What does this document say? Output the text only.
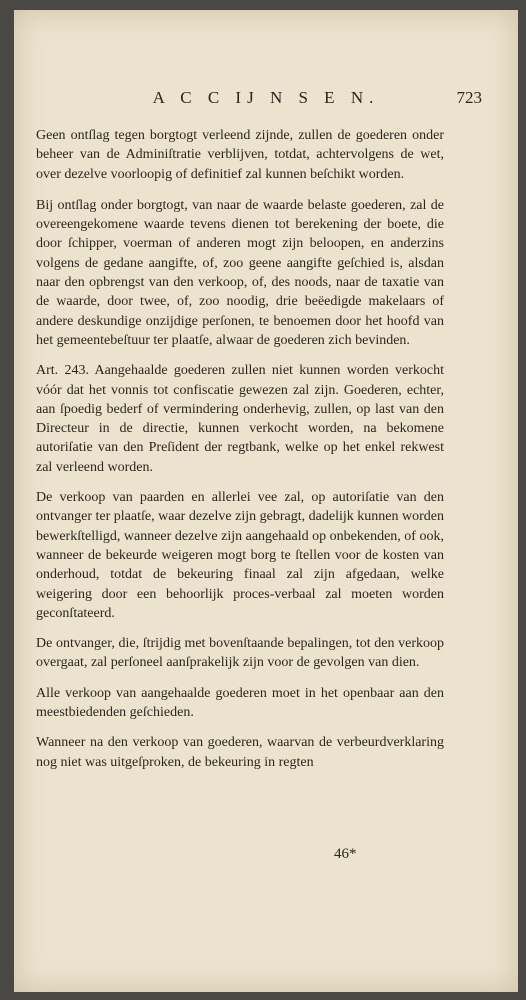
A C C IJ N S E N.	723

Geen ontſlag tegen borgtogt verleend zijnde, zullen de goederen onder beheer van de Adminiſtratie verblijven, totdat, achtervolgens de wet, over dezelve voorloopig of definitief zal kunnen beſchikt worden.

Bij ontſlag onder borgtogt, van naar de waarde belaste goederen, zal de overeengekomene waarde tevens dienen tot berekening der boete, die door ſchipper, voerman of anderen mogt zijn beloopen, en anderzins volgens de gedane aangifte, of, zoo geene aangifte geſchied is, alsdan naar den opbrengst van den verkoop, of, des noods, naar de taxatie van de waarde, door twee, of, zoo noodig, drie beëedigde makelaars of andere deskundige onzijdige perſonen, te benoemen door het hoofd van het gemeentebeſtuur ter plaatſe, alwaar de goederen zich bevinden.

Art. 243. Aangehaalde goederen zullen niet kunnen worden verkocht vóór dat het vonnis tot confiscatie gewezen zal zijn. Goederen, echter, aan ſpoedig bederf of vermindering onderhevig, zullen, op last van den Directeur in de directie, kunnen verkocht worden, na bekomene autoriſatie van den Preſident der regtbank, welke op het enkel rekwest zal verleend worden.

De verkoop van paarden en allerlei vee zal, op autoriſatie van den ontvanger ter plaatſe, waar dezelve zijn gebragt, dadelijk kunnen worden bewerkſtelligd, wanneer dezelve zijn aangehaald op onbekenden, of ook, wanneer de bekeurde weigeren mogt borg te ſtellen voor de kosten van onderhoud, totdat de bekeuring finaal zal zijn afgedaan, welke weigering door een behoorlijk proces-verbaal zal moeten worden geconſtateerd.

De ontvanger, die, ſtrijdig met bovenſtaande bepalingen, tot den verkoop overgaat, zal perſoneel aanſprakelijk zijn voor de gevolgen van dien.

Alle verkoop van aangehaalde goederen moet in het openbaar aan den meestbiedenden geſchieden.

Wanneer na den verkoop van goederen, waarvan de verbeurdverklaring nog niet was uitgeſproken, de bekeuring in regten

46*
